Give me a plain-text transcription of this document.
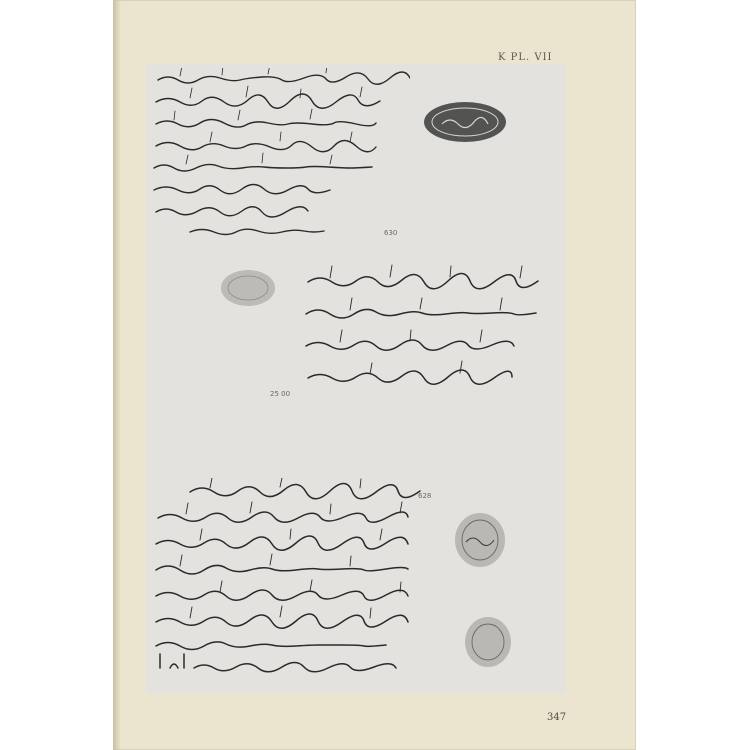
K PL. VII
630
25 00
628
347
